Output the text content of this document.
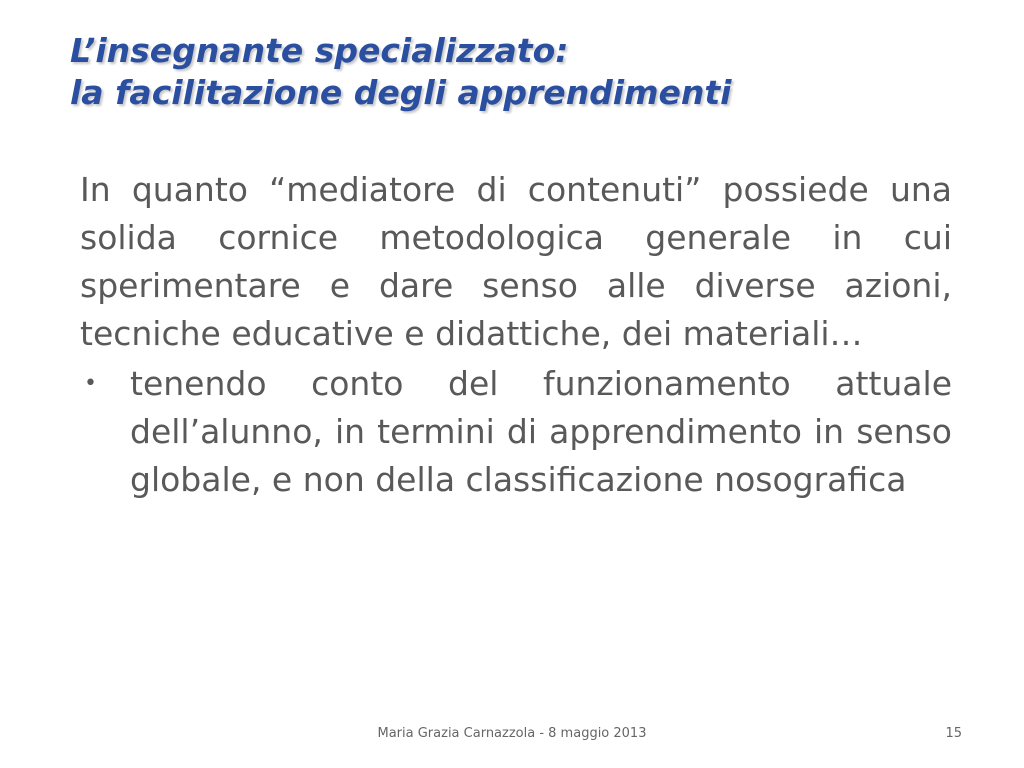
L’insegnante specializzato:
la facilitazione degli apprendimenti

In quanto “mediatore di contenuti” possiede una solida cornice metodologica generale in cui sperimentare e dare senso alle diverse azioni, tecniche educative e didattiche, dei materiali…

•	tenendo conto del funzionamento attuale dell’alunno, in termini di apprendimento in senso globale, e non della classificazione nosografica

Maria Grazia Carnazzola - 8 maggio 2013	15
